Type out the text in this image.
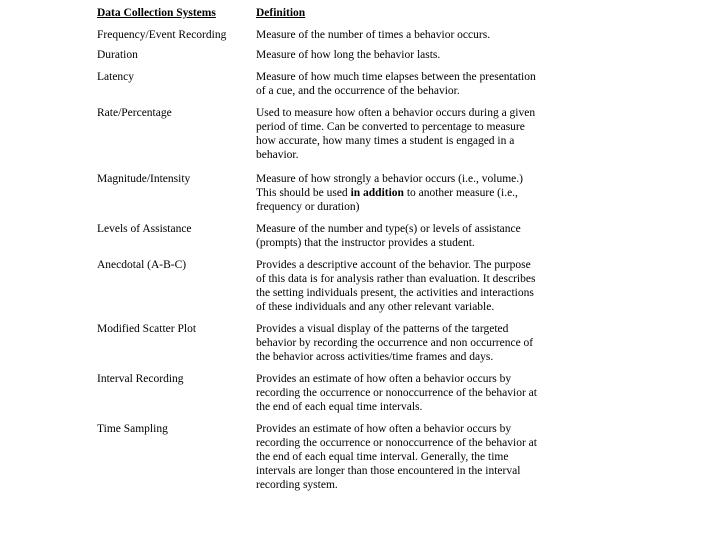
Data Collection Systems	Definition
Frequency/Event Recording	Measure of the number of times a behavior occurs.
Duration	Measure of how long the behavior lasts.
Latency	Measure of how much time elapses between the presentation
of a cue, and the occurrence of the behavior.
Rate/Percentage	Used to measure how often a behavior occurs during a given
period of time. Can be converted to percentage to measure
how accurate, how many times a student is engaged in a
behavior.
Magnitude/Intensity	Measure of how strongly a behavior occurs (i.e., volume.)
This should be used in addition to another measure (i.e.,
frequency or duration)
Levels of Assistance	Measure of the number and type(s) or levels of assistance
(prompts) that the instructor provides a student.
Anecdotal (A-B-C)	Provides a descriptive account of the behavior. The purpose
of this data is for analysis rather than evaluation. It describes
the setting individuals present, the activities and interactions
of these individuals and any other relevant variable.
Modified Scatter Plot	Provides a visual display of the patterns of the targeted
behavior by recording the occurrence and non occurrence of
the behavior across activities/time frames and days.
Interval Recording	Provides an estimate of how often a behavior occurs by
recording the occurrence or nonoccurrence of the behavior at
the end of each equal time intervals.
Time Sampling	Provides an estimate of how often a behavior occurs by
recording the occurrence or nonoccurrence of the behavior at
the end of each equal time interval. Generally, the time
intervals are longer than those encountered in the interval
recording system.
